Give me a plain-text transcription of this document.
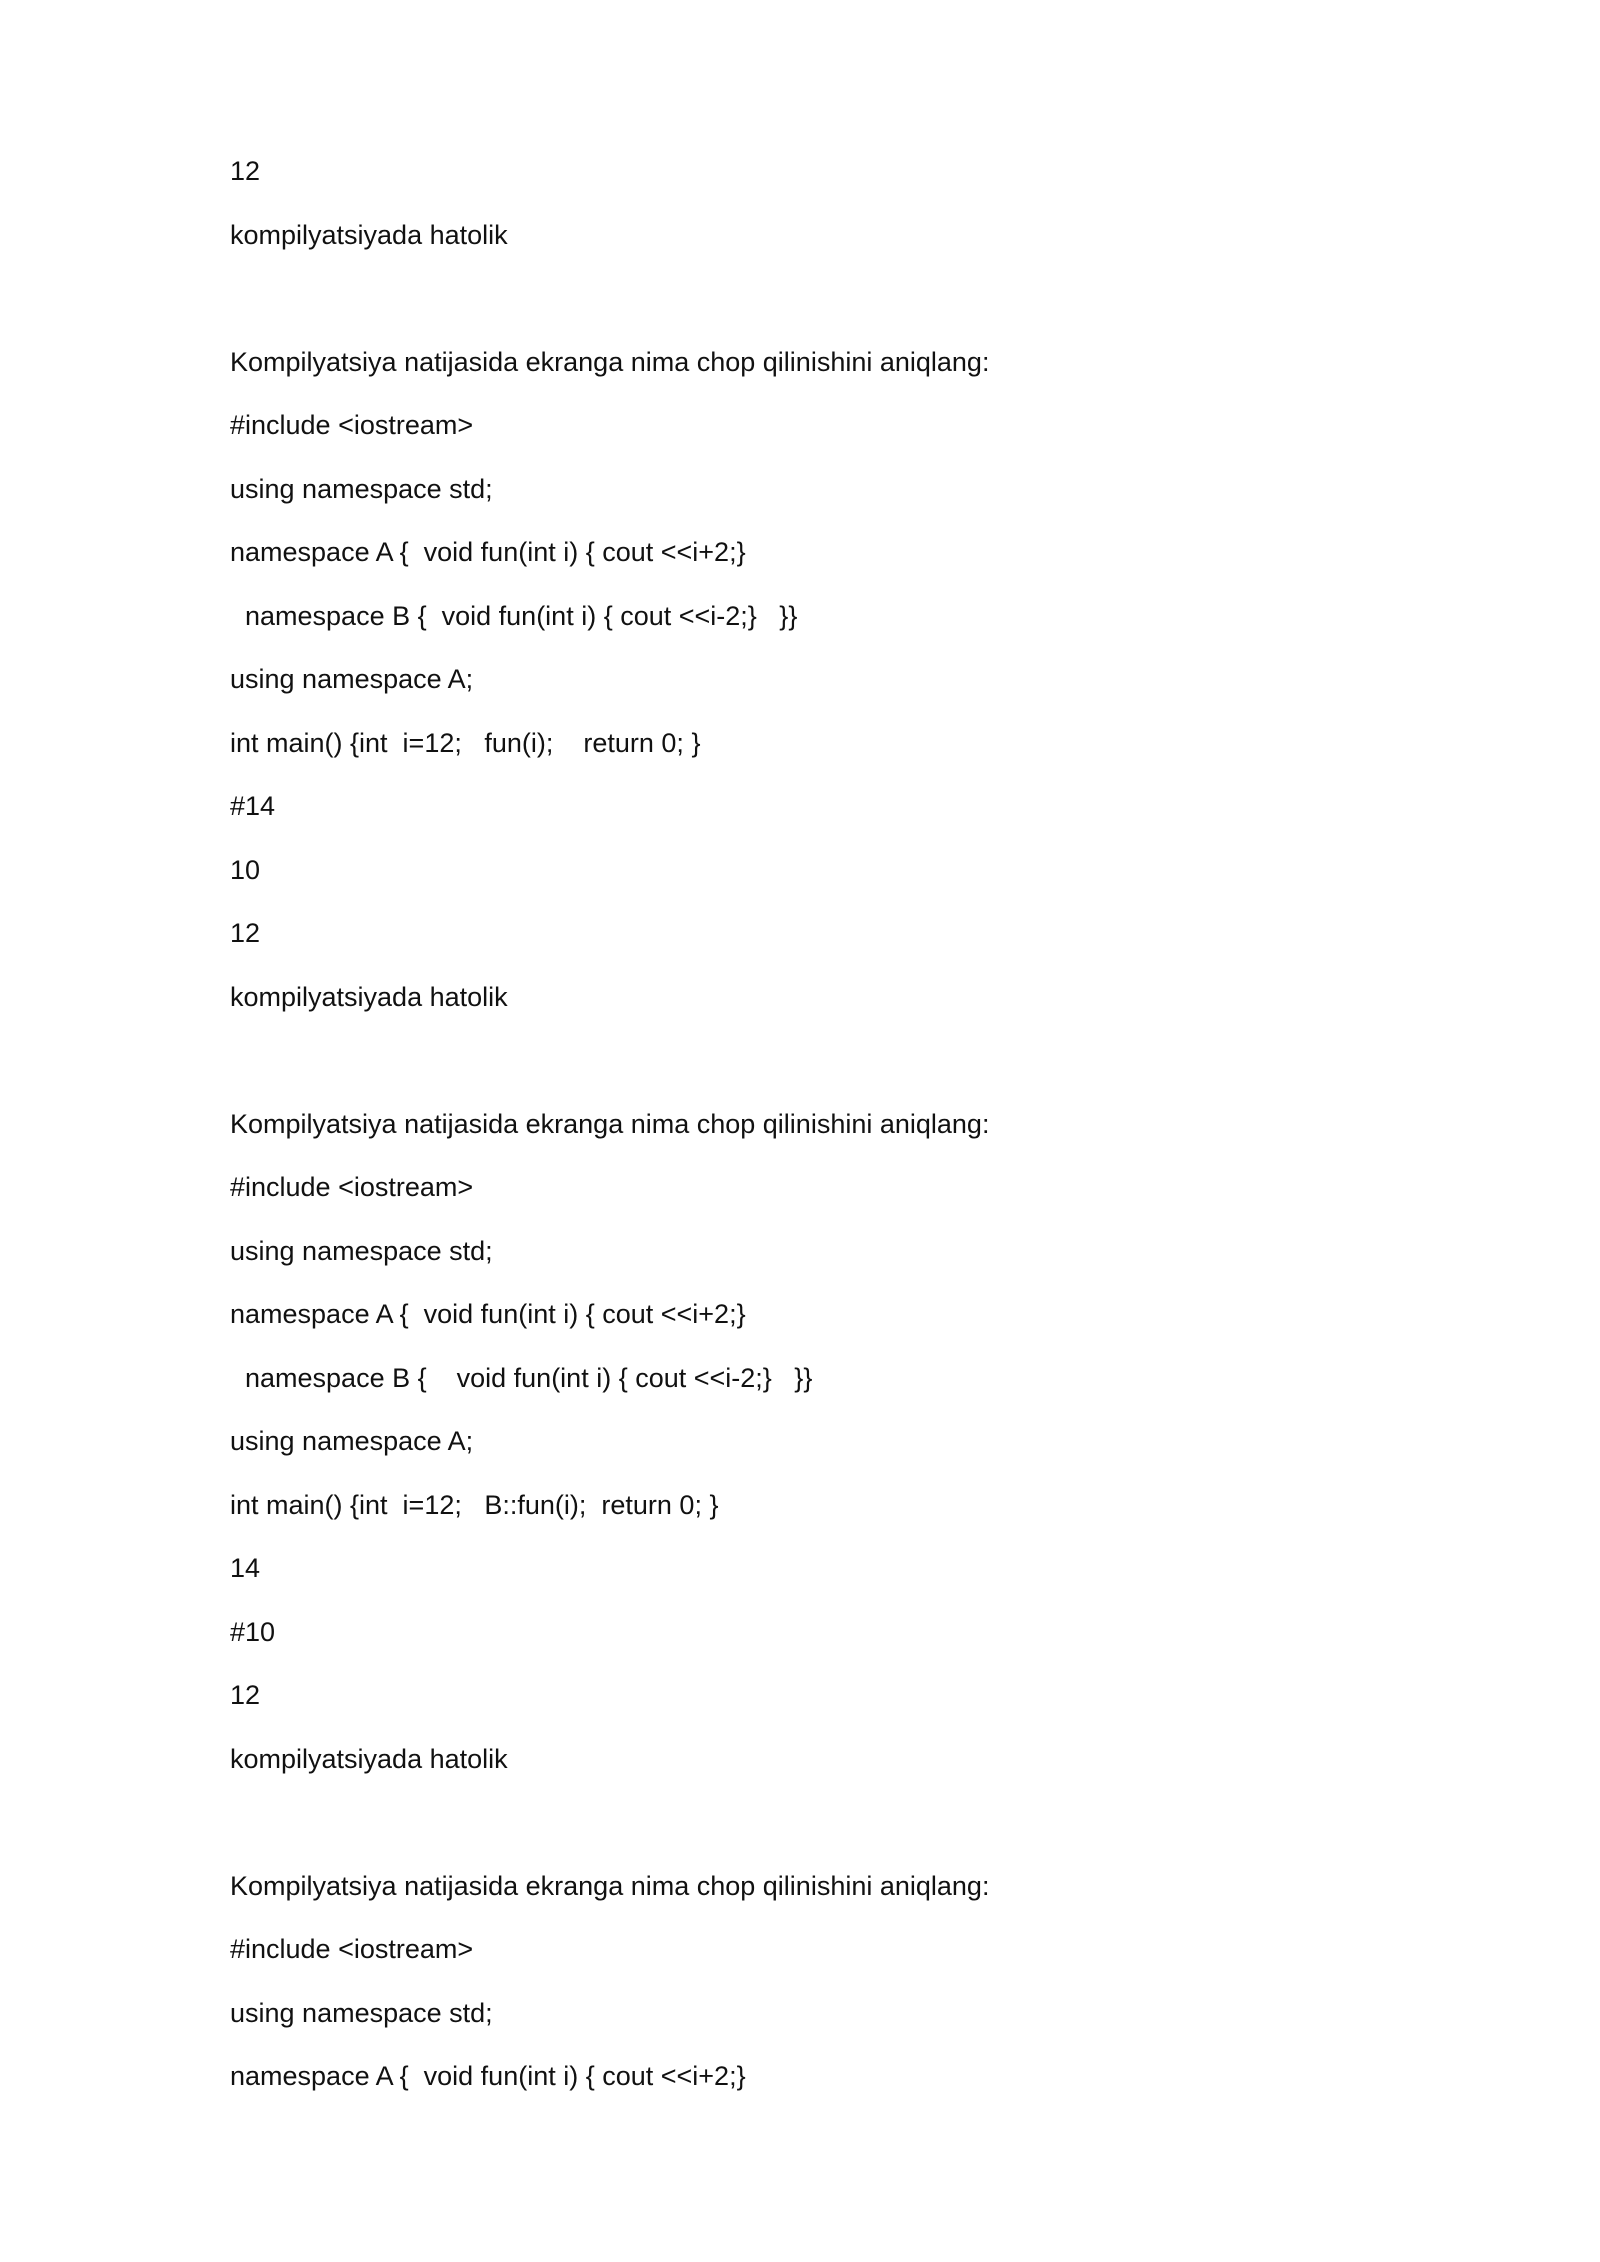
12
kompilyatsiyada hatolik
Kompilyatsiya natijasida ekranga nima chop qilinishini aniqlang:
#include <iostream>
using namespace std;
namespace A {  void fun(int i) { cout <<i+2;}
namespace B {  void fun(int i) { cout <<i-2;}   }}
using namespace A;
int main() {int  i=12;   fun(i);    return 0; }
#14
10
12
kompilyatsiyada hatolik
Kompilyatsiya natijasida ekranga nima chop qilinishini aniqlang:
#include <iostream>
using namespace std;
namespace A {  void fun(int i) { cout <<i+2;}
namespace B {    void fun(int i) { cout <<i-2;}   }}
using namespace A;
int main() {int  i=12;   B::fun(i);  return 0; }
14
#10
12
kompilyatsiyada hatolik
Kompilyatsiya natijasida ekranga nima chop qilinishini aniqlang:
#include <iostream>
using namespace std;
namespace A {  void fun(int i) { cout <<i+2;}
